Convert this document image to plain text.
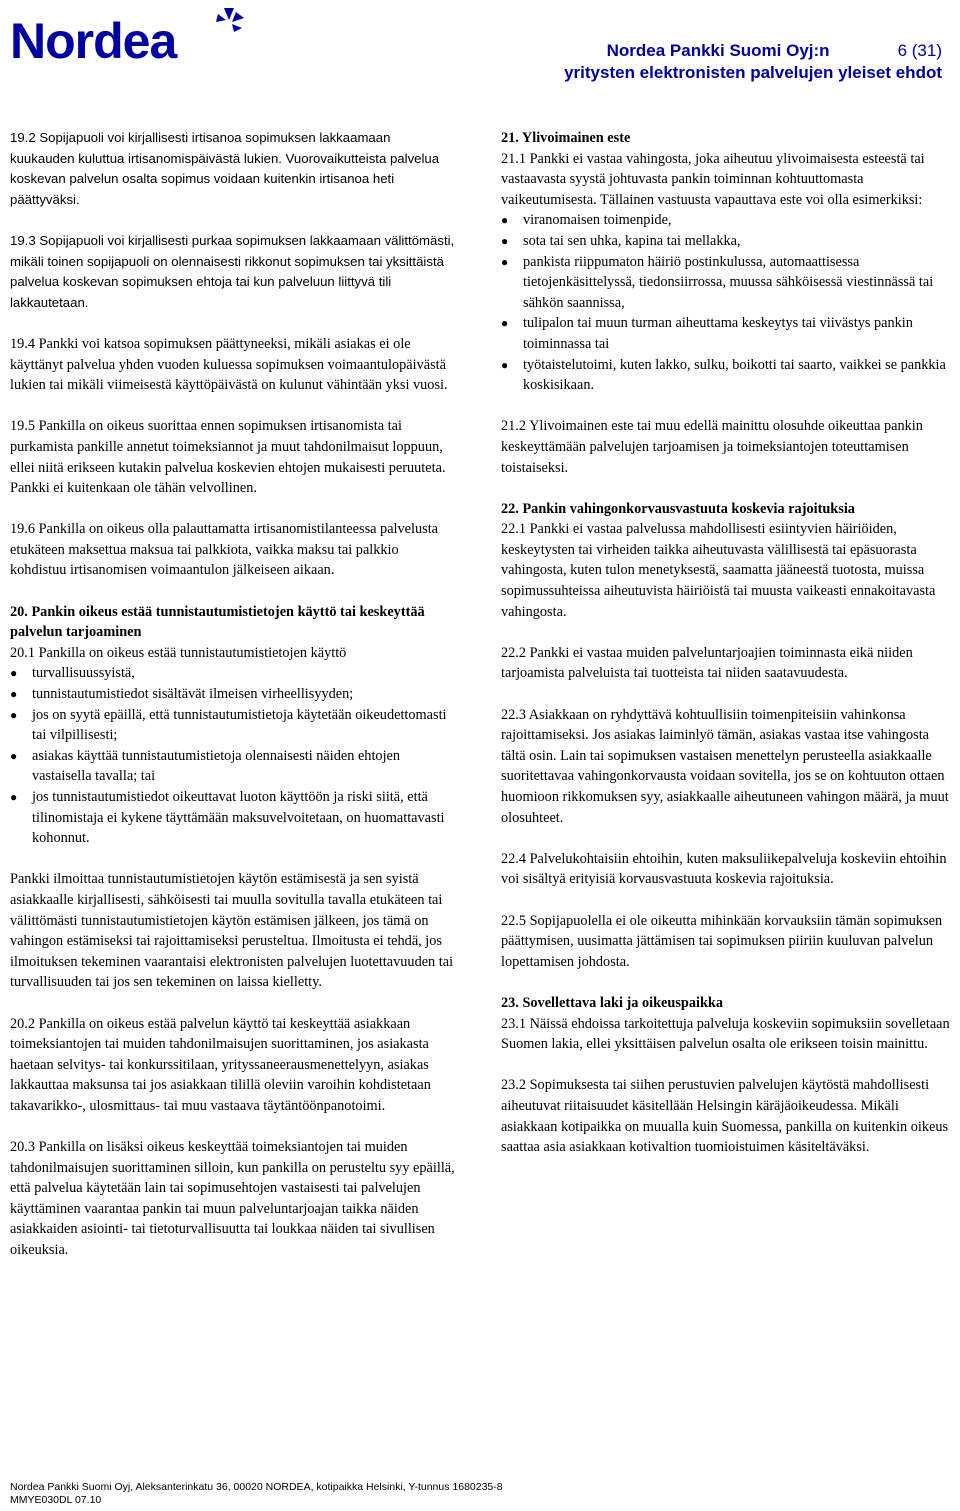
Nordea	Nordea Pankki Suomi Oyj:n	6 (31)
yritysten elektronisten palvelujen yleiset ehdot

19.2 Sopijapuoli voi kirjallisesti irtisanoa sopimuksen lakkaamaan kuukauden kuluttua irtisanomispäivästä lukien. Vuorovaikutteista palvelua koskevan palvelun osalta sopimus voidaan kuitenkin irtisanoa heti päättyväksi.

19.3 Sopijapuoli voi kirjallisesti purkaa sopimuksen lakkaamaan välittömästi, mikäli toinen sopijapuoli on olennaisesti rikkonut sopimuksen tai yksittäistä palvelua koskevan sopimuksen ehtoja tai kun palveluun liittyvä tili lakkautetaan.

19.4 Pankki voi katsoa sopimuksen päättyneeksi, mikäli asiakas ei ole käyttänyt palvelua yhden vuoden kuluessa sopimuksen voimaantulopäivästä lukien tai mikäli viimeisestä käyttöpäivästä on kulunut vähintään yksi vuosi.

19.5 Pankilla on oikeus suorittaa ennen sopimuksen irtisanomista tai purkamista pankille annetut toimeksiannot ja muut tahdonilmaisut loppuun, ellei niitä erikseen kutakin palvelua koskevien ehtojen mukaisesti peruuteta. Pankki ei kuitenkaan ole tähän velvollinen.

19.6 Pankilla on oikeus olla palauttamatta irtisanomistilanteessa palvelusta etukäteen maksettua maksua tai palkkiota, vaikka maksu tai palkkio kohdistuu irtisanomisen voimaantulon jälkeiseen aikaan.

20. Pankin oikeus estää tunnistautumistietojen käyttö tai keskeyttää palvelun tarjoaminen

20.1 Pankilla on oikeus estää tunnistautumistietojen käyttö

● turvallisuussyistä,
● tunnistautumistiedot sisältävät ilmeisen virheellisyyden;
● jos on syytä epäillä, että tunnistautumistietoja käytetään oikeudettomasti tai vilpillisesti;
● asiakas käyttää tunnistautumistietoja olennaisesti näiden ehtojen vastaisella tavalla; tai
● jos tunnistautumistiedot oikeuttavat luoton käyttöön ja riski siitä, että tilinomistaja ei kykene täyttämään maksuvelvoitetaan, on huomattavasti kohonnut.

Pankki ilmoittaa tunnistautumistietojen käytön estämisestä ja sen syistä asiakkaalle kirjallisesti, sähköisesti tai muulla sovitulla tavalla etukäteen tai välittömästi tunnistautumistietojen käytön estämisen jälkeen, jos tämä on vahingon estämiseksi tai rajoittamiseksi perusteltua. Ilmoitusta ei tehdä, jos ilmoituksen tekeminen vaarantaisi elektronisten palvelujen luotettavuuden tai turvallisuuden tai jos sen tekeminen on laissa kielletty.

20.2 Pankilla on oikeus estää palvelun käyttö tai keskeyttää asiakkaan toimeksiantojen tai muiden tahdonilmaisujen suorittaminen, jos asiakasta haetaan selvitys- tai konkurssitilaan, yrityssaneerausmenettelyyn, asiakas lakkauttaa maksunsa tai jos asiakkaan tilillä oleviin varoihin kohdistetaan takavarikko-, ulosmittaus- tai muu vastaava täytäntöönpanotoimi.

20.3 Pankilla on lisäksi oikeus keskeyttää toimeksiantojen tai muiden tahdonilmaisujen suorittaminen silloin, kun pankilla on perusteltu syy epäillä, että palvelua käytetään lain tai sopimusehtojen vastaisesti tai palvelujen käyttäminen vaarantaa pankin tai muun palveluntarjoajan taikka näiden asiakkaiden asiointi- tai tietoturvallisuutta tai loukkaa näiden tai sivullisen oikeuksia.

21. Ylivoimainen este

21.1 Pankki ei vastaa vahingosta, joka aiheutuu ylivoimaisesta esteestä tai vastaavasta syystä johtuvasta pankin toiminnan kohtuuttomasta vaikeutumisesta. Tällainen vastuusta vapauttava este voi olla esimerkiksi:

● viranomaisen toimenpide,
● sota tai sen uhka, kapina tai mellakka,
● pankista riippumaton häiriö postinkulussa, automaattisessa tietojenkäsittelyssä, tiedonsiirrossa, muussa sähköisessä viestinnässä tai sähkön saannissa,
● tulipalon tai muun turman aiheuttama keskeytys tai viivästys pankin toiminnassa tai
● työtaistelutoimi, kuten lakko, sulku, boikotti tai saarto, vaikkei se pankkia koskisikaan.

21.2 Ylivoimainen este tai muu edellä mainittu olosuhde oikeuttaa pankin keskeyttämään palvelujen tarjoamisen ja toimeksiantojen toteuttamisen toistaiseksi.

22. Pankin vahingonkorvausvastuuta koskevia rajoituksia

22.1 Pankki ei vastaa palvelussa mahdollisesti esiintyvien häiriöiden, keskeytysten tai virheiden taikka aiheutuvasta välillisestä tai epäsuorasta vahingosta, kuten tulon menetyksestä, saamatta jääneestä tuotosta, muissa sopimussuhteissa aiheutuvista häiriöistä tai muusta vaikeasti ennakoitavasta vahingosta.

22.2 Pankki ei vastaa muiden palveluntarjoajien toiminnasta eikä niiden tarjoamista palveluista tai tuotteista tai niiden saatavuudesta.

22.3 Asiakkaan on ryhdyttävä kohtuullisiin toimenpiteisiin vahinkonsa rajoittamiseksi. Jos asiakas laiminlyö tämän, asiakas vastaa itse vahingosta tältä osin. Lain tai sopimuksen vastaisen menettelyn perusteella asiakkaalle suoritettavaa vahingonkorvausta voidaan sovitella, jos se on kohtuuton ottaen huomioon rikkomuksen syy, asiakkaalle aiheutuneen vahingon määrä, ja muut olosuhteet.

22.4 Palvelukohtaisiin ehtoihin, kuten maksuliikepalveluja koskeviin ehtoihin voi sisältyä erityisiä korvausvastuuta koskevia rajoituksia.

22.5 Sopijapuolella ei ole oikeutta mihinkään korvauksiin tämän sopimuksen päättymisen, uusimatta jättämisen tai sopimuksen piiriin kuuluvan palvelun lopettamisen johdosta.

23. Sovellettava laki ja oikeuspaikka

23.1 Näissä ehdoissa tarkoitettuja palveluja koskeviin sopimuksiin sovelletaan Suomen lakia, ellei yksittäisen palvelun osalta ole erikseen toisin mainittu.

23.2 Sopimuksesta tai siihen perustuvien palvelujen käytöstä mahdollisesti aiheutuvat riitaisuudet käsitellään Helsingin käräjäoikeudessa. Mikäli asiakkaan kotipaikka on muualla kuin Suomessa, pankilla on kuitenkin oikeus saattaa asia asiakkaan kotivaltion tuomioistuimen käsiteltäväksi.

Nordea Pankki Suomi Oyj, Aleksanterinkatu 36, 00020 NORDEA, kotipaikka Helsinki, Y-tunnus 1680235-8
MMYE030DL 07.10
